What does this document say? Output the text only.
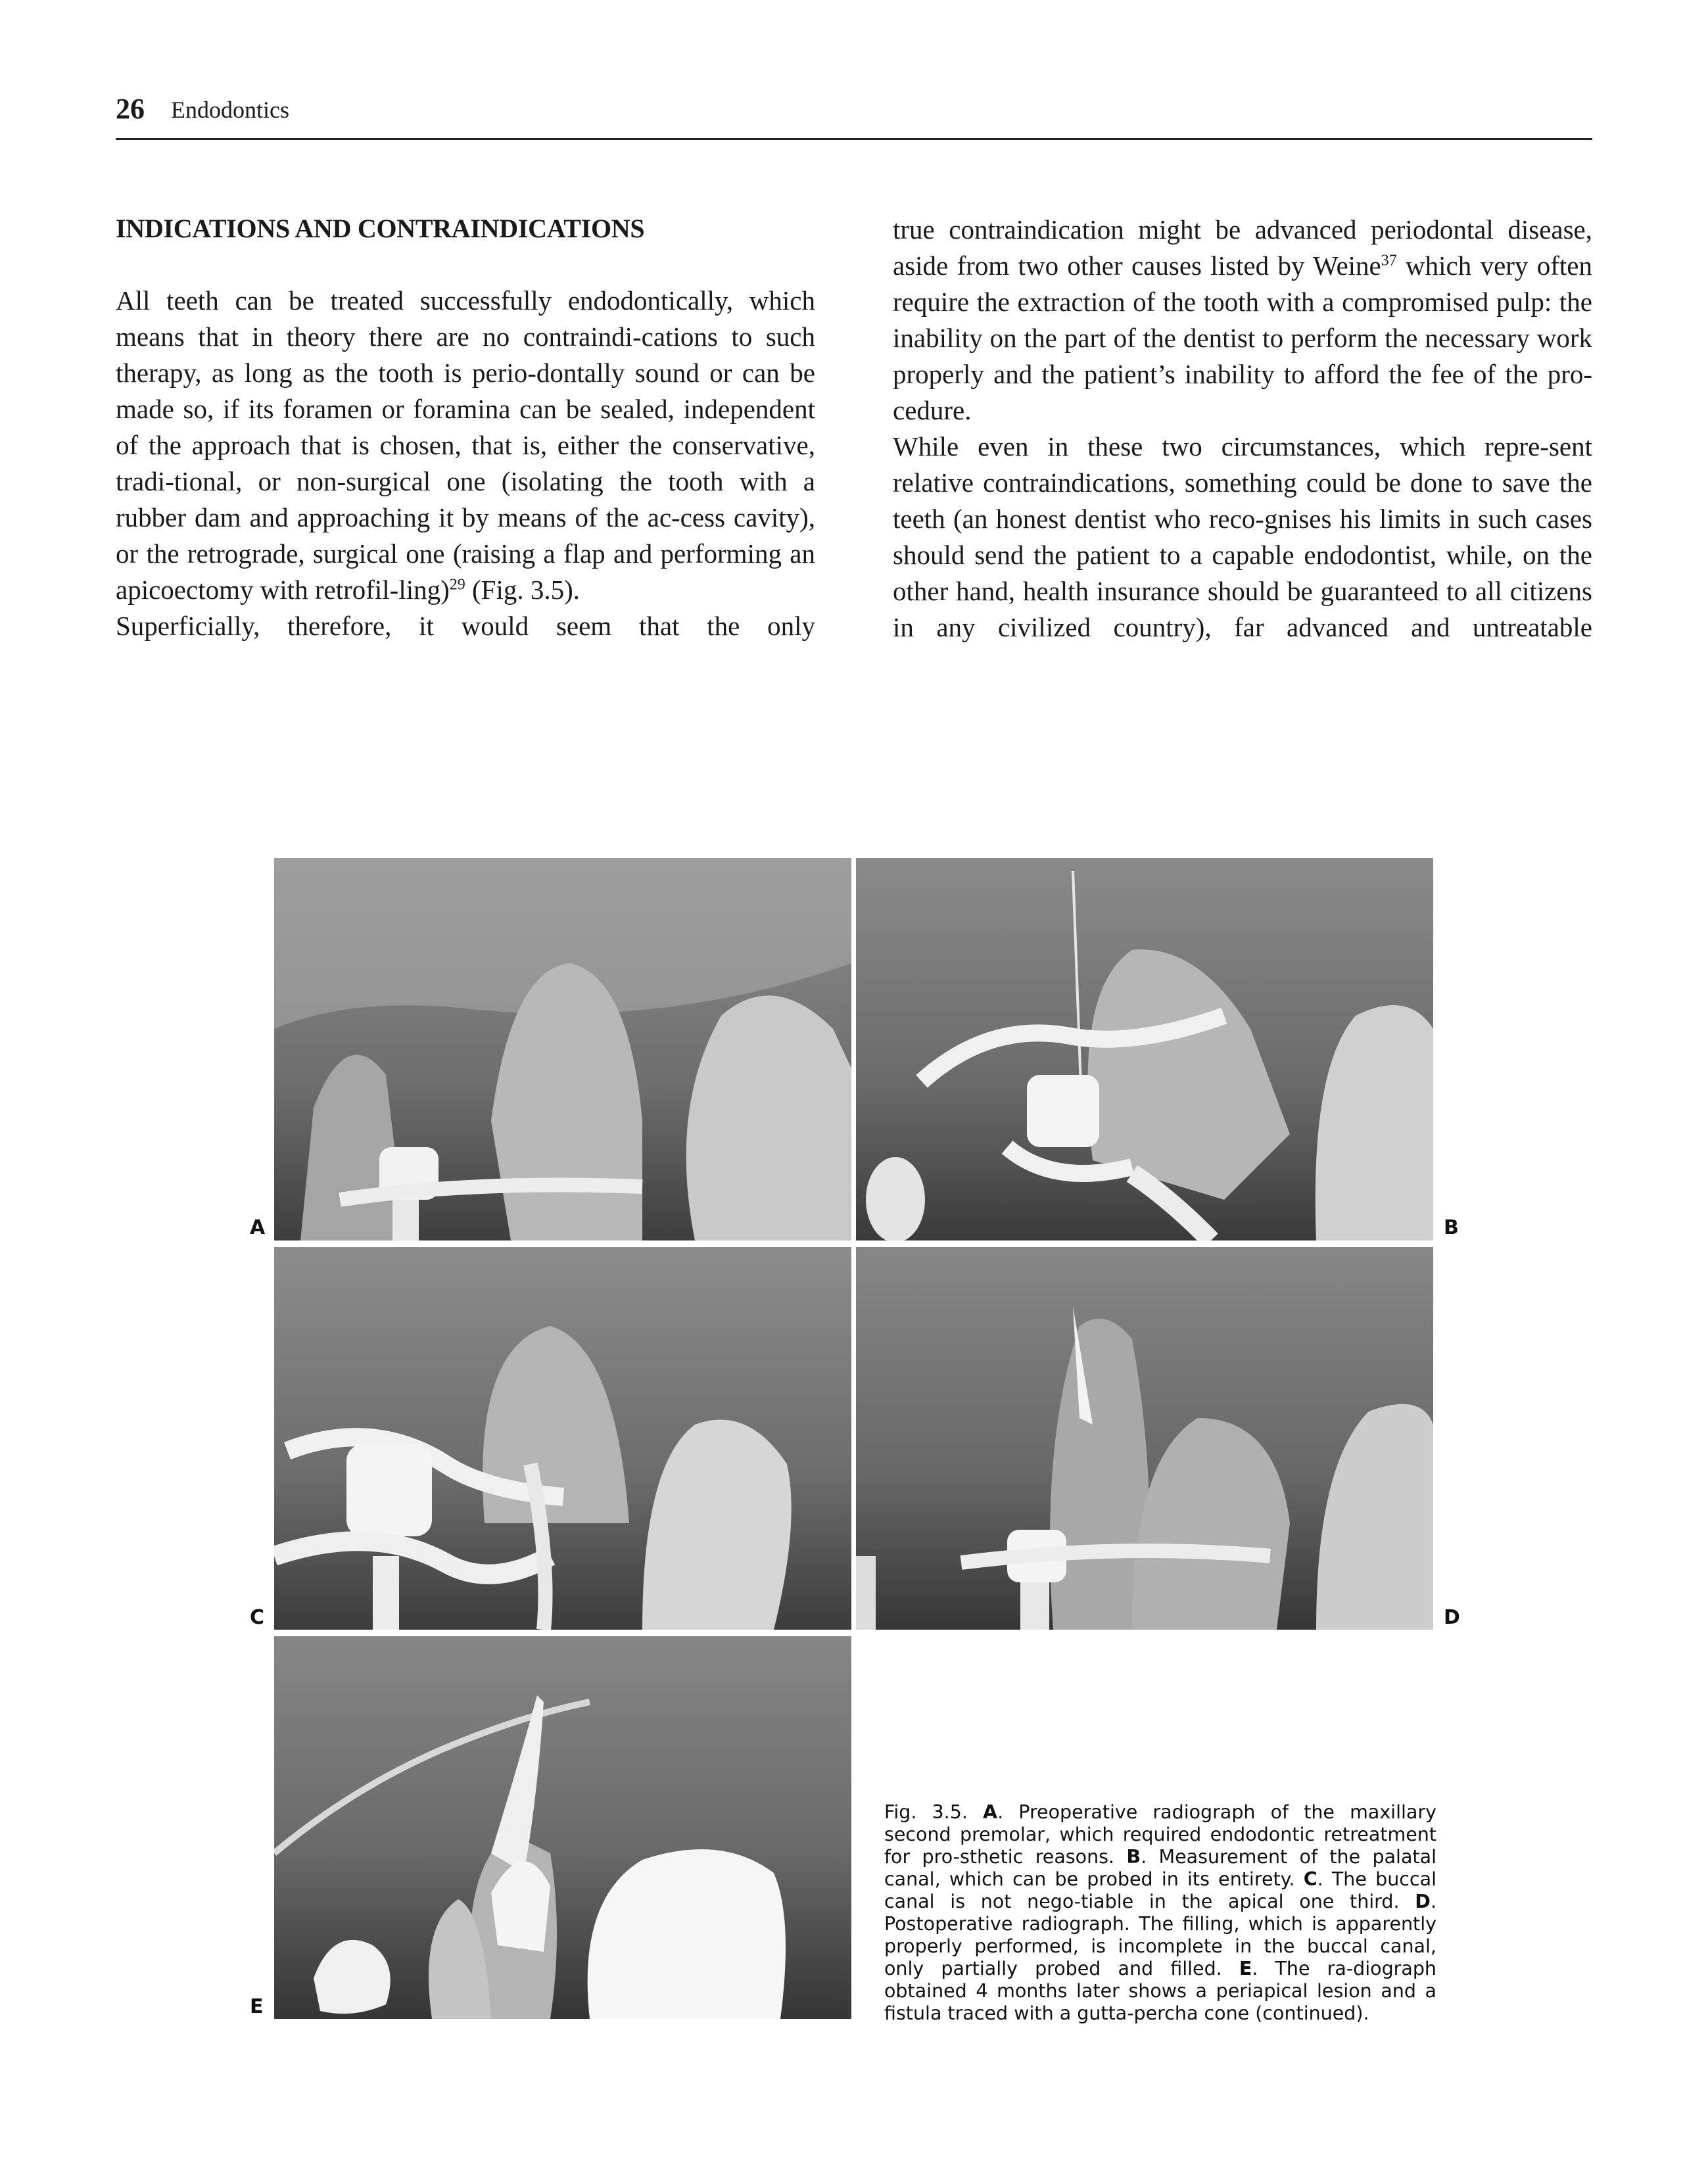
26 Endodontics

INDICATIONS AND CONTRAINDICATIONS

All teeth can be treated successfully endodontically, which means that in theory there are no contraindi-cations to such therapy, as long as the tooth is perio-dontally sound or can be made so, if its foramen or foramina can be sealed, independent of the approach that is chosen, that is, either the conservative, tradi-tional, or non-surgical one (isolating the tooth with a rubber dam and approaching it by means of the ac-cess cavity), or the retrograde, surgical one (raising a flap and performing an apicoectomy with retrofil-ling)$^{29}$ (Fig. 3.5).

Superficially, therefore, it would seem that the only

true contraindication might be advanced periodontal disease, aside from two other causes listed by Weine$^{37}$ which very often require the extraction of the tooth with a compromised pulp: the inability on the part of the dentist to perform the necessary work properly and the patient’s inability to afford the fee of the pro-cedure.

While even in these two circumstances, which repre-sent relative contraindications, something could be done to save the teeth (an honest dentist who reco-gnises his limits in such cases should send the patient to a capable endodontist, while, on the other hand, health insurance should be guaranteed to all citizens in any civilized country), far advanced and untreatable

A	B
C	D
E
Fig. 3.5. A. Preoperative radiograph of the maxillary second premolar, which required endodontic retreatment for pro-sthetic reasons. B. Measurement of the palatal canal, which can be probed in its entirety. C. The buccal canal is not nego-tiable in the apical one third. D. Postoperative radiograph. The filling, which is apparently properly performed, is incomplete in the buccal canal, only partially probed and filled. E. The ra-diograph obtained 4 months later shows a periapical lesion and a fistula traced with a gutta-percha cone (continued).
